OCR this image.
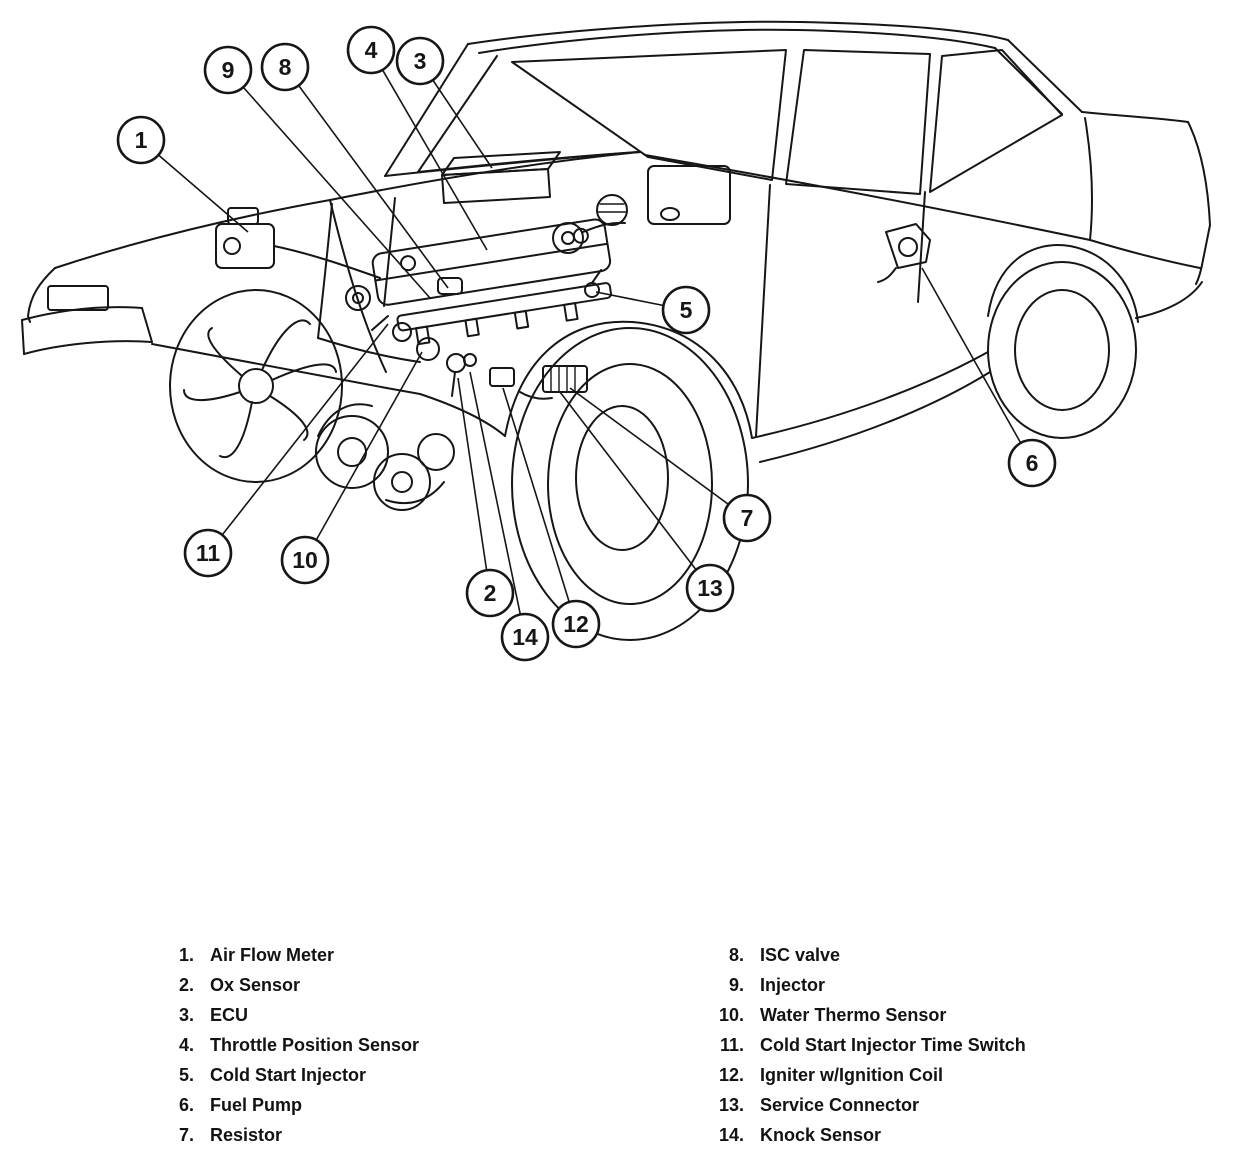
1
9 8
4 3
5
6
7
11	10
2
12
13
14
1. Air Flow Meter
2. Ox Sensor
3. ECU
4. Throttle Position Sensor
5. Cold Start Injector
6. Fuel Pump
7. Resistor
8. ISC valve
9. Injector
10. Water Thermo Sensor
11. Cold Start Injector Time Switch
12. Igniter w/Ignition Coil
13. Service Connector
14. Knock Sensor
